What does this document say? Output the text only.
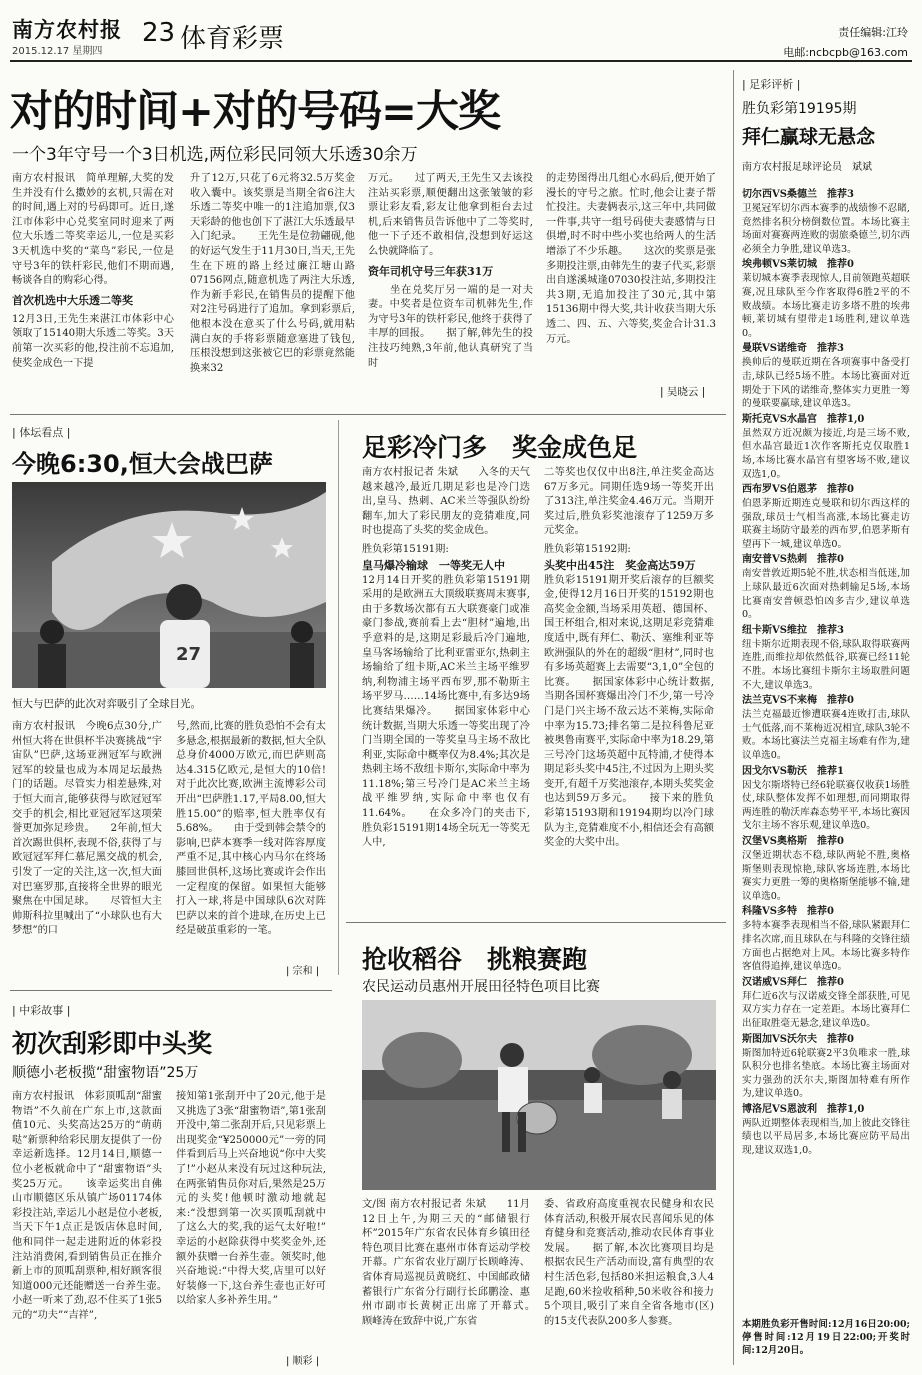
南方农村报
2015.12.17 星期四
23 体育彩票	责任编辑:江玲
电邮:ncbcpb@163.com
对的时间+对的号码=大奖
一个3年守号一个3日机选,两位彩民同领大乐透30余万

南方农村报讯　简单理解,大奖的发生并没有什么擞妙的玄机,只需在对的时间,遇上对的号码即可。近日,遂江市体彩中心兑奖室同时迎来了两位大乐透二等奖幸运儿,一位是买彩3天机选中奖的“菜鸟”彩民,一位是守号3年的铁杆彩民,他们不期而遇,畅谈各自的购彩心得。

首次机选中大乐透二等奖

12月3日,王先生来湛江市体彩中心领取了15140期大乐透二等奖。3天前第一次买彩的他,投注前不忘追加,使奖金成色一下提

升了12万,只花了6元将32.5万奖金收入囊中。该奖票是当期全省6注大乐透二等奖中唯一的1注追加票,仅3天彩龄的他也创下了湛江大乐透最早入门纪录。　　王先生是位勃翩砚,他的好运气发生于11月30日,当天,王先生在下班的路上经过廉江塘山路07156网点,随意机选了两注大乐透,作为新手彩民,在销售员的提醒下他对2注号码进行了追加。拿到彩票后,他根本没在意买了什么号码,就用粘满白灰的手将彩票随意塞进了钱包,压根没想到这张被它巴的彩票竟然能换来32

万元。　　过了两天,王先生又去该投注站买彩票,顺便翻出这张皱皱的彩票让彩友看,彩友让他拿到柜台去过机,后来销售员告诉他中了二等奖时,他一下子还不敢相信,没想到好运这么快就降临了。

资年司机守号三年获31万

　　坐在兑奖厅另一端的是一对夫妻。中奖者是位资车司机韩先生,作为守号3年的铁杆彩民,他终于获得了丰厚的回报。　　据了解,韩先生的投注技巧纯熟,3年前,他认真研究了当时

的走势图得出几组心水码后,便开始了漫长的守号之旅。忙时,他会让妻子帮忙投注。夫妻俩表示,这三年中,共同做一件事,共守一组号码使夫妻感情与日俱增,时不时中些小奖也给两人的生活增添了不少乐趣。　　这次的奖票是张多期投注票,由韩先生的妻子代买,彩票出自遂溪城逢07030投注站,多期投注共3期,无追加投注了30元,其中第15136期中得大奖,共计收获当期大乐透二、四、五、六等奖,奖金合计31.3万元。
| 吴晓云 |
| 足彩评析 |
胜负彩第19195期
拜仁赢球无悬念
南方农村报足球评论员　斌斌

切尔西VS桑德兰　推荐3

卫冕冠军切尔西本赛季的战绩惨不忍睹,竟然排名积分榜倒数位置。本场比赛主场面对赛赛两连败的弱旅桑德兰,切尔西必须全力争胜,建议单选3。

埃弗顿VS莱切城　推荐0

莱切城本赛季表现惊人,目前领跑英超联赛,况且球队至今作客取得6胜2平的不败战绩。本场比赛走访多塔不胜的埃弗顿,莱切城有望带走1场胜利,建议单选0。

曼联VS诺维奇　推荐3

换帅后的曼联近期在各项赛事中备受打击,球队已经5场不胜。本场比赛面对近期处于下风的诺维奇,整体实力更胜一筹的曼联要赢球,建议单选3。

斯托克VS水晶宫　推荐1,0

虽然双方近况颇为接近,均是三场不败,但水晶宫最近1次作客斯托克仅取胜1场,本场比赛水晶宫有望客场不败,建议双选1,0。

西布罗VS伯恩茅　推荐0

伯恩茅斯近期连克曼联和切尔西这样的强敌,球员士气相当高涨,本场比赛走访联赛主场防守最差的西布罗,伯恩茅斯有望再下一城,建议单选0。

南安普VS热刺　推荐0

南安普敦近期5轮不胜,状态相当低迷,加上球队最近6次面对热刺输足5场,本场比赛南安普顿恐怕凶多吉少,建议单选0。

纽卡斯VS维拉　推荐3

纽卡斯尔近期表现不俗,球队取得联赛两连胜,而维拉却依然低谷,联赛已经11轮不胜。本场比赛纽卡斯尔主场取胜问题不大,建议单选3。

法兰克VS不来梅　推荐0

法兰克福最近惨遭联赛4连败打击,球队士气低落,而不莱梅近况相宜,球队3轮不败。本场比赛法兰克福主场难有作为,建议单选0。

因戈尔VS勒沃　推荐1

因戈尔斯塔特已经6轮联赛仅收获1场胜仗,球队整体发挥不如理想,而同期取得两连胜的勒沃库森态势平平,本场比赛因戈尔主场不容乐观,建议单选0。

汉堡VS奥格斯　推荐0

汉堡近期状态不稳,球队两轮不胜,奥格斯堡则表现惊艳,球队客场连胜,本场比赛实力更胜一筹的奥格斯堡能够不输,建议单选0。

科隆VS多特　推荐0

多特本赛季表现相当不俗,球队紧跟拜仁排名次席,而且球队在与科隆的交锋往绩方面也占据绝对上风。本场比赛多特作客值得追捧,建议单选0。

汉诺威VS拜仁　推荐0

拜仁近6次与汉诺威交锋全部获胜,可见双方实力存在一定差距。本场比赛拜仁出征取胜毫无悬念,建议单选0。

斯图加VS沃尔夫　推荐0

斯图加特近6轮联赛2平3负唯求一胜,球队积分也排名垫底。本场比赛主场面对实力强劲的沃尔夫,斯图加特难有所作为,建议单选0。

博洛尼VS恩波利　推荐1,0

两队近期整体表现相当,加上彼此交锋往绩也以平局居多,本场比赛应防平局出现,建议双选1,0。

本期胜负彩开售时间:12月16日20:00;停售时间:12月19日22:00;开奖时间:12月20日。
| 体坛看点 |
今晚6:30,恒大会战巴萨
27
恒大与巴萨的此次对弈吸引了全球目光。
南方农村报讯　今晚6点30分,广州恒大将在世俱杯半决赛挑战“宇宙队”巴萨,这场亚洲冠军与欧洲冠军的较量也成为本周足坛最热门的话题。尽管实力相差悬殊,对于恒大而言,能够获得与欧冠冠军交手的机会,相比亚冠冠军这项荣誉更加弥足珍贵。　　2年前,恒大首次踢世俱杯,表现不俗,获得了与欧冠冠军拜仁慕尼黑交战的机会,引发了一定的关注,这一次,恒大面对巴塞罗那,直接将全世界的眼光聚焦在中国足球。　　尽管恒大主帅斯科拉里喊出了“小球队也有大梦想”的口
号,然而,比赛的胜负恐怕不会有太多悬念,根据最新的数据,恒大全队总身价4000万欧元,而巴萨则高达4.315亿欧元,是恒大的10倍!对于此次比赛,欧洲主流博彩公司开出“巴萨胜1.17,平局8.00,恒大胜15.00”的赔率,恒大胜率仅有5.68%。　　由于受到韩会禁令的影响,巴萨本赛季一线对阵容厚度严重不足,其中核心内马尔在终场膝回世俱杯,这场比赛或许会作出一定程度的保留。如果恒大能够打入一球,将是中国球队6次对阵巴萨以来的首个进球,在历史上已经是破茧重彩的一笔。
| 宗和 |
足彩冷门多　奖金成色足

南方农村报记者 朱斌　　入冬的天气越来越冷,最近几期足彩也是冷门迭出,皇马、热刺、AC米兰等强队纷纷翻车,加大了彩民朋友的竞猜难度,同时也提高了头奖的奖金成色。

胜负彩第15191期:

皇马爆冷输球　一等奖无人中

12月14日开奖的胜负彩第15191期采用的是欧洲五大顶级联赛周末赛事,由于多数场次都有五大联赛豪门或准豪门参战,赛前看上去“胆材”遍地,出乎意料的是,这期足彩最后冷门遍地,皇马客场输给了比利亚雷亚尔,热刺主场输给了纽卡斯,AC米兰主场平维罗纳,利物浦主场平西布罗,那不勒斯主场平罗马……14场比赛中,有多达9场比赛结果爆冷。　　据国家体彩中心统计数据,当期大乐透一等奖出现了冷门当期全国的一等奖皇马主场不敌比利亚,实际命中概率仅为8.4%;其次是热刺主场不敌纽卡斯尔,实际命中率为11.18%;第三号冷门是AC米兰主场战平维罗纳,实际命中率也仅有11.64%。　　在众多冷门的夹击下,胜负彩15191期14场全玩无一等奖无人中,

二等奖也仅仅中出8注,单注奖金高达67万多元。同期任选9场一等奖开出了313注,单注奖金4.46万元。当期开奖过后,胜负彩奖池滚存了1259万多元奖金。

胜负彩第15192期:

头奖中出45注　奖金高达59万

胜负彩15191期开奖后滚存的巨额奖金,使得12月16日开奖的15192期也高奖金金额,当场采用英超、德国杯、国王杯组合,相对来说,这期足彩竞猜难度适中,既有拜仁、勒沃、塞维利亚等欧洲强队的外在的超级“胆材”,同时也有多场英超赛上去需要“3,1,0”全包的比赛。　　据国家体彩中心统计数据,当期各国杯赛爆出冷门不少,第一号冷门是门兴主场不敌云达不莱梅,实际命中率为15.73;排名第二是拉科鲁尼亚被奥鲁南赛平,实际命中率为18.29,第三号冷门这场英超中瓦特浦,才使得本期足彩头奖中45注,不过因为上期头奖变开,有超千万奖池滚存,本期头奖奖金也达到59万多元。　　接下来的胜负彩第15193期和19194期均以冷门球队为主,竞猜难度不小,相信还会有高额奖金的大奖中出。

抢收稻谷　挑粮赛跑
农民运动员惠州开展田径特色项目比赛
文/图 南方农村报记者 朱斌　　11月12日上午,为期三天的“邮储银行杯”2015年广东省农民体育乡镇田径特色项目比赛在惠州市体育运动学校开幕。广东省农业厅副厅长顾峰涛、省体育局巡视员黄晓红、中国邮政储蓄银行广东省分行副行长邱鹏淦、惠州市副市长黄树正出席了开幕式。　　顾峰涛在致辞中说,广东省
委、省政府高度重视农民健身和农民体育活动,积极开展农民喜闻乐见的体育健身和竞赛活动,推动农民体育事业发展。　　据了解,本次比赛项目均是根据农民生产活动而设,富有典型的农村生活色彩,包括80米担运粮食,3人4足跑,60米捡收稻种,50米收谷和接力5个项目,吸引了来自全省各地市(区)的15支代表队200多人参赛。
| 中彩故事 |
初次刮彩即中头奖
顺德小老板揽“甜蜜物语”25万
南方农村报讯　体彩顶呱刮“甜蜜物语”不久前在广东上市,这款面值10元、头奖高达25万的“萌萌哒”新票种给彩民朋友提供了一份幸运新选择。12月14日,顺德一位小老板就命中了“甜蜜物语”头奖25万元。　　该幸运奖出自佛山市顺德区乐从镇广场01174体彩投注站,幸运儿小赵是位小老板,当天下午1点正是饭店休息时间,他和同伴一起走进附近的体彩投注站消费闲,看到销售员正在推介新上市的顶呱刮票种,相好顾客很知道000元还能赠送一台养生壶。　　小赵一听来了劲,忍不住买了1张5元的“功夫”“吉祥”,
接知第1张刮开中了20元,他于是又挑选了3张“甜蜜物语”,第1张刮开没中,第二张刮开后,只见彩票上出现奖金“¥250000元”一旁的同伴看到后马上兴奋地说“你中大奖了!”小赵从来没有玩过这种玩法,在两张销售员你对后,果然是25万元的头奖!他顿时激动地就起来:“没想到第一次买顶呱刮就中了这么大的奖,我的运气太好啦!”　　幸运的小赵除获得中奖奖金外,还额外获赠一台养生壶。领奖时,他兴奋地说:“中得大奖,店里可以好好装修一下,这台养生壶也正好可以给家人多补养生用。”
| 顺彩 |
